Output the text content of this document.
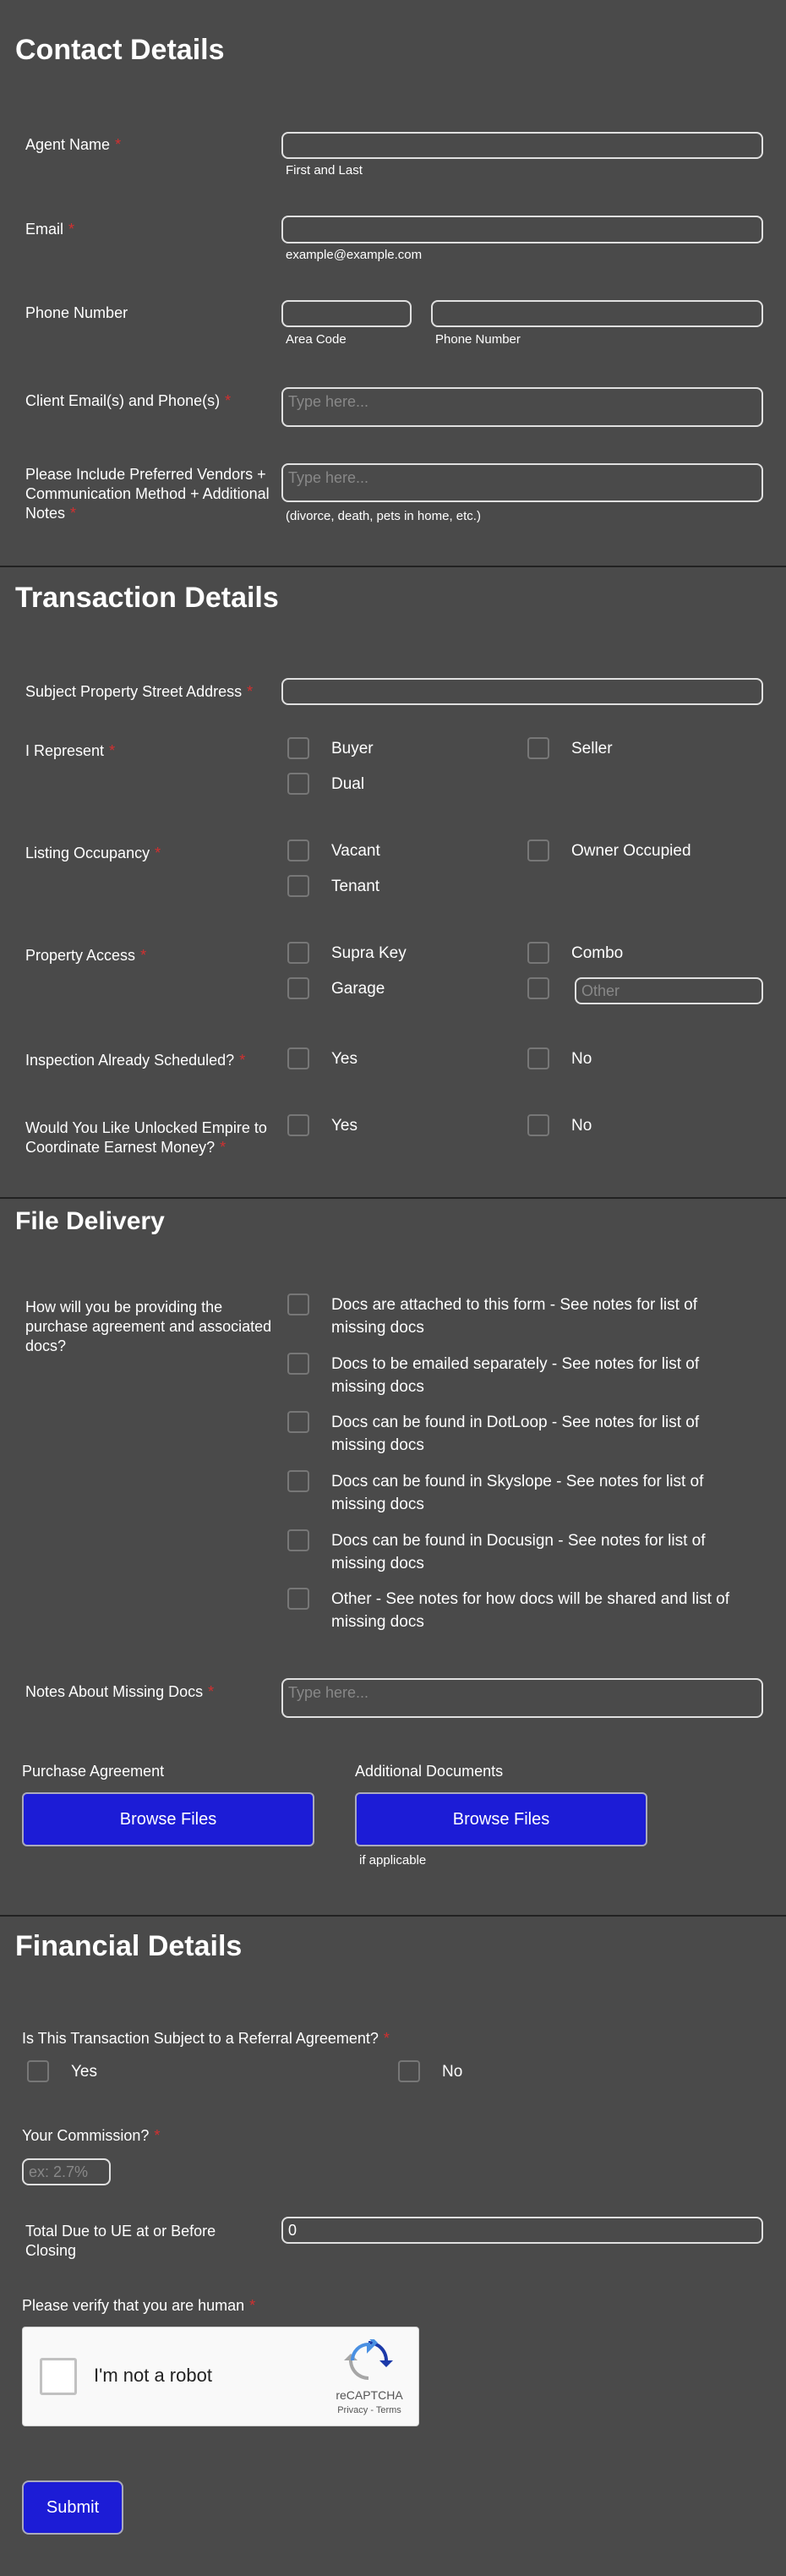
Contact Details
Agent Name *
First and Last
Email *
example@example.com
Phone Number
Area Code	Phone Number
Client Email(s) and Phone(s) *
Type here...
Please Include Preferred Vendors + Communication Method + Additional Notes *
Type here...	(divorce, death, pets in home, etc.)
Transaction Details
Subject Property Street Address *
I Represent *	Buyer	Seller
Dual
Listing Occupancy *	Vacant	Owner Occupied
Tenant
Property Access *	Supra Key	Combo
Garage
Other
Inspection Already Scheduled? *	Yes	No
Would You Like Unlocked Empire to Coordinate Earnest Money? *
Yes	No
File Delivery
How will you be providing the purchase agreement and associated docs?
Docs are attached to this form - See notes for list of missing docs
Docs to be emailed separately - See notes for list of missing docs
Docs can be found in DotLoop - See notes for list of missing docs
Docs can be found in Skyslope - See notes for list of missing docs
Docs can be found in Docusign - See notes for list of missing docs
Other - See notes for how docs will be shared and list of missing docs
Notes About Missing Docs *
Type here...
Purchase Agreement
Browse Files
Additional Documents
Browse Files
if applicable
Financial Details
Is This Transaction Subject to a Referral Agreement? *
Yes	No
Your Commission? *
ex: 2.7%
Total Due to UE at or Before Closing
0
Please verify that you are human *
I'm not a robot
reCAPTCHA
Privacy - Terms
Submit
